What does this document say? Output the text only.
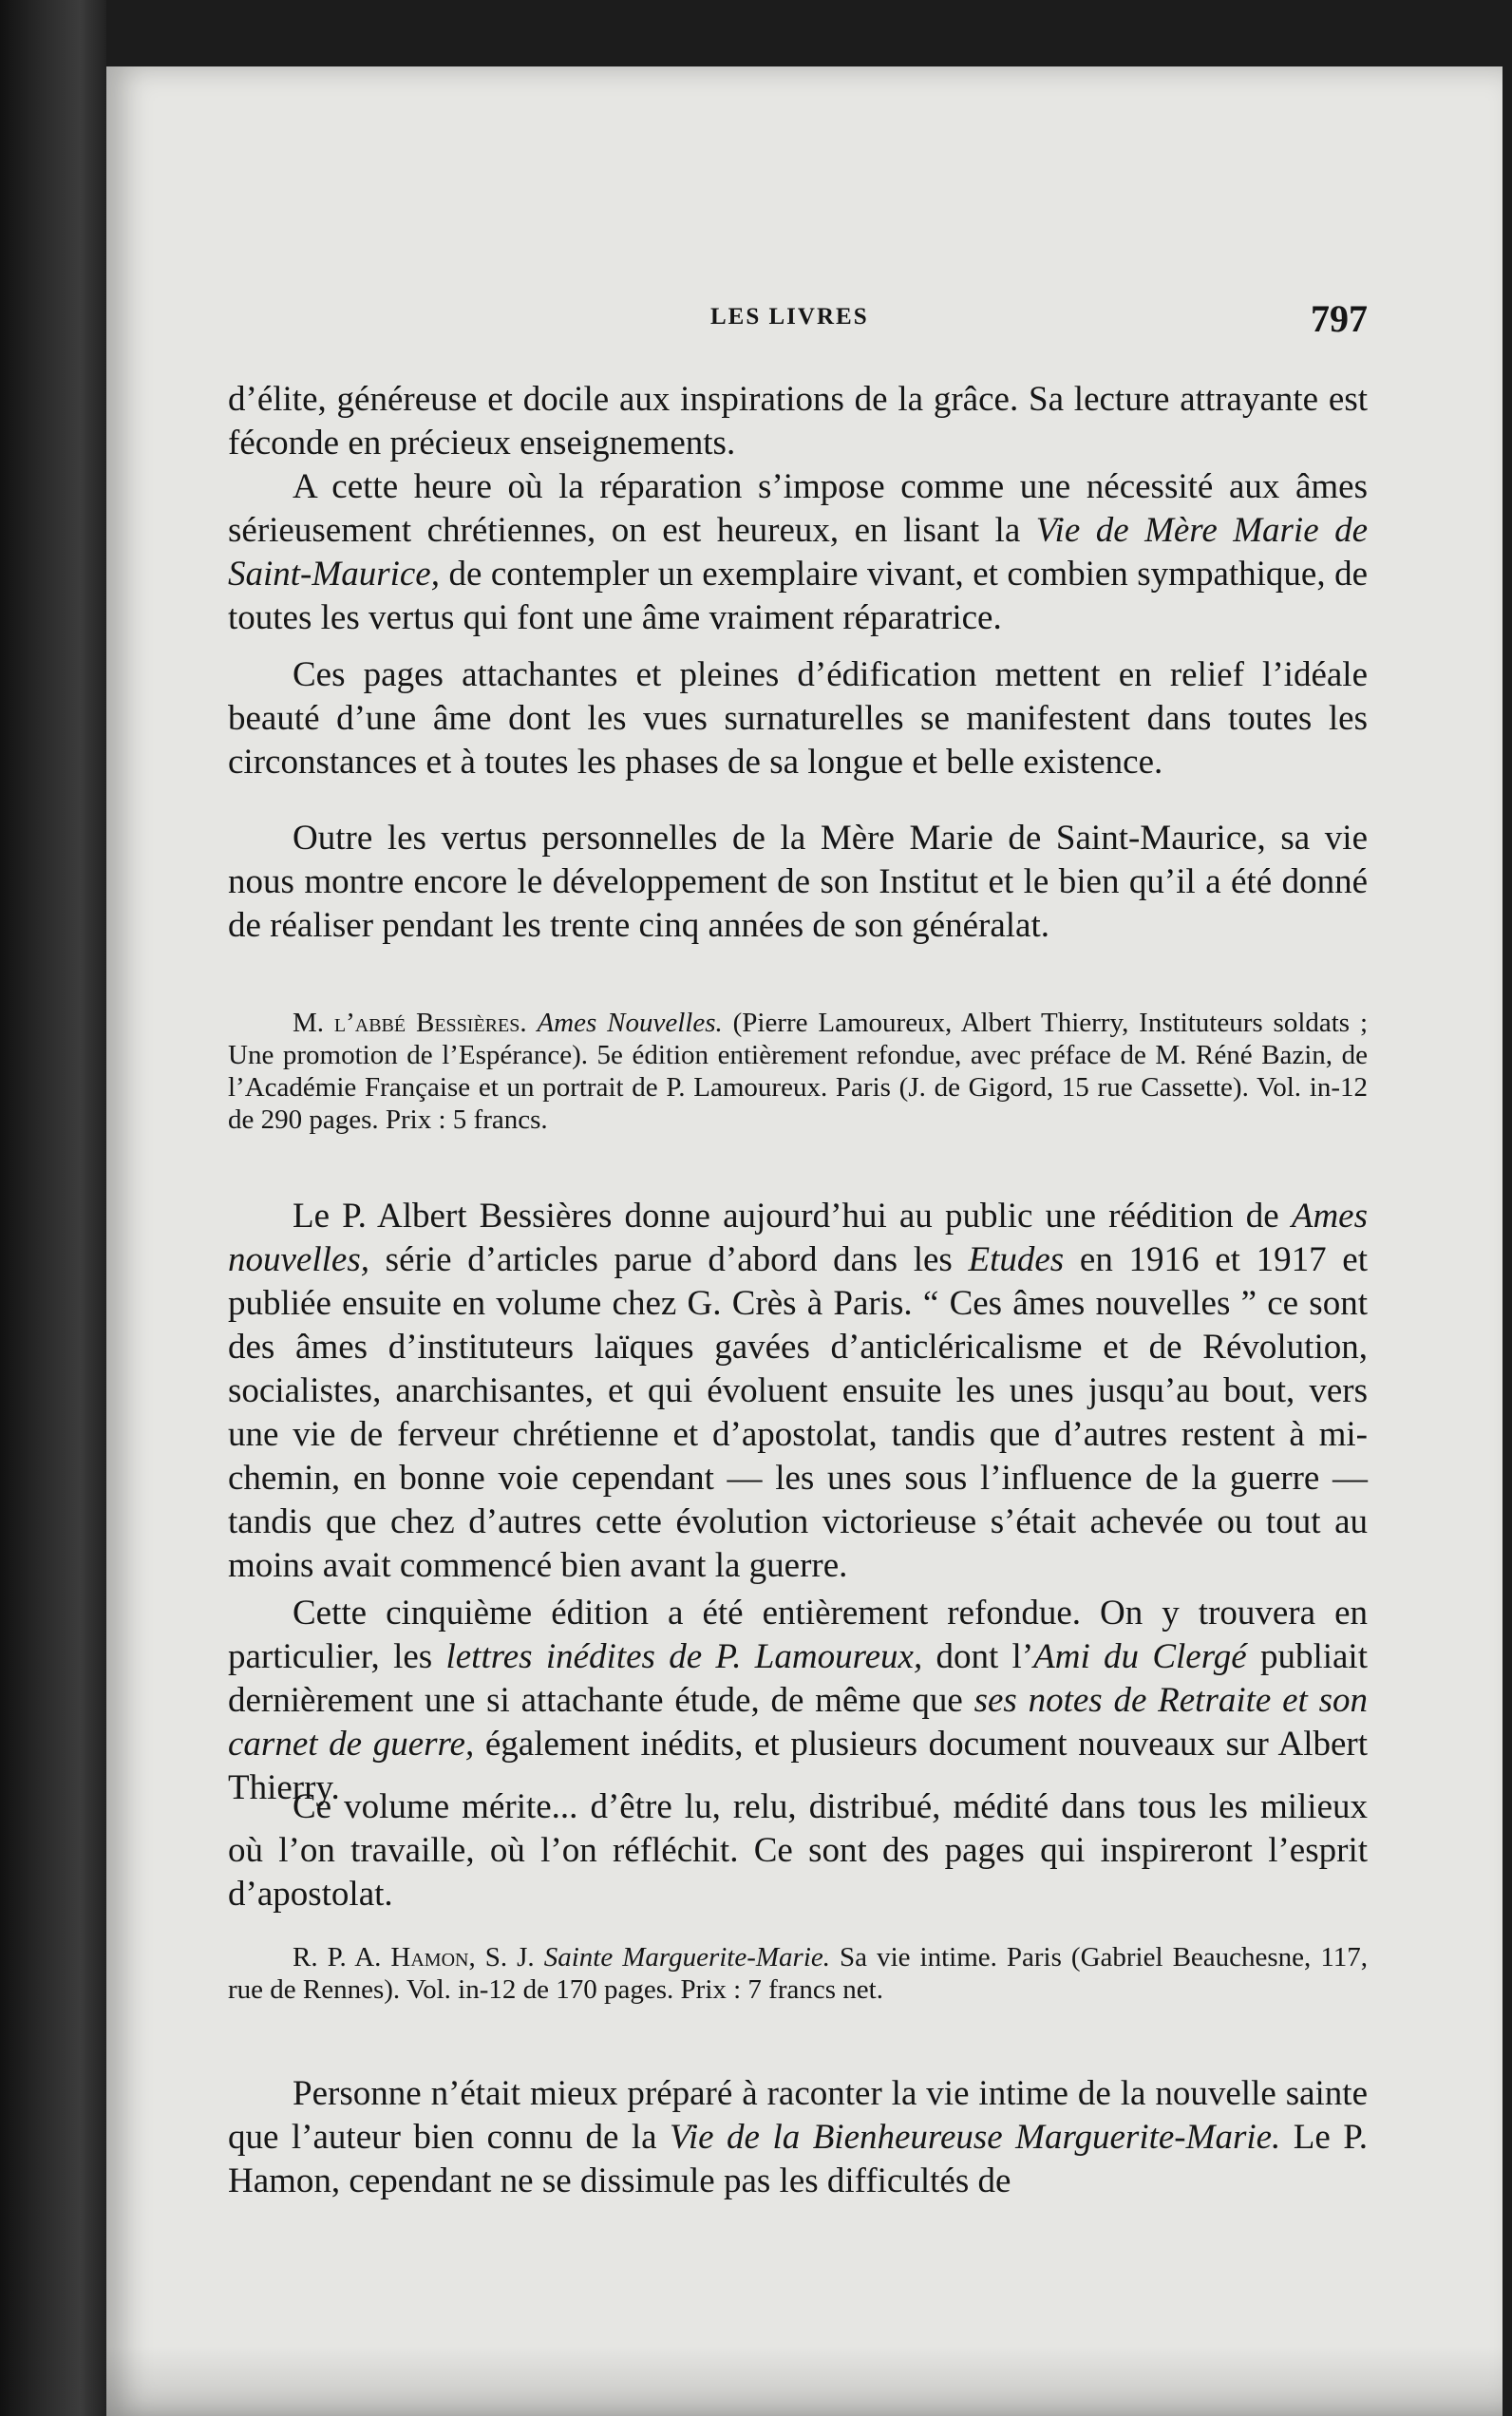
LES LIVRES	797

d’élite, généreuse et docile aux inspirations de la grâce. Sa lecture attrayante est féconde en précieux enseignements.

A cette heure où la réparation s’impose comme une nécessité aux âmes sérieusement chrétiennes, on est heureux, en lisant la Vie de Mère Marie de Saint-Maurice, de contempler un exemplaire vivant, et combien sympathique, de toutes les vertus qui font une âme vraiment réparatrice.

Ces pages attachantes et pleines d’édification mettent en relief l’idéale beauté d’une âme dont les vues surnaturelles se manifestent dans toutes les circonstances et à toutes les phases de sa longue et belle existence.

Outre les vertus personnelles de la Mère Marie de Saint-Maurice, sa vie nous montre encore le développement de son Institut et le bien qu’il a été donné de réaliser pendant les trente cinq années de son généralat.

M. l’abbé Bessières. Ames Nouvelles. (Pierre Lamoureux, Albert Thierry, Instituteurs soldats ; Une promotion de l’Espérance). 5e édition entièrement refondue, avec préface de M. Réné Bazin, de l’Académie Française et un portrait de P. Lamoureux. Paris (J. de Gigord, 15 rue Cassette). Vol. in-12 de 290 pages. Prix : 5 francs.

Le P. Albert Bessières donne aujourd’hui au public une réédition de Ames nouvelles, série d’articles parue d’abord dans les Etudes en 1916 et 1917 et publiée ensuite en volume chez G. Crès à Paris. “ Ces âmes nouvelles ” ce sont des âmes d’instituteurs laïques gavées d’anticléricalisme et de Révolution, socialistes, anarchisantes, et qui évoluent ensuite les unes jusqu’au bout, vers une vie de ferveur chrétienne et d’apostolat, tandis que d’autres restent à mi-chemin, en bonne voie cependant — les unes sous l’influence de la guerre — tandis que chez d’autres cette évolution victorieuse s’était achevée ou tout au moins avait commencé bien avant la guerre.

Cette cinquième édition a été entièrement refondue. On y trouvera en particulier, les lettres inédites de P. Lamoureux, dont l’Ami du Clergé publiait dernièrement une si attachante étude, de même que ses notes de Retraite et son carnet de guerre, également inédits, et plusieurs document nouveaux sur Albert Thierry.

Ce volume mérite... d’être lu, relu, distribué, médité dans tous les milieux où l’on travaille, où l’on réfléchit. Ce sont des pages qui inspireront l’esprit d’apostolat.

R. P. A. Hamon, S. J. Sainte Marguerite-Marie. Sa vie intime. Paris (Gabriel Beauchesne, 117, rue de Rennes). Vol. in-12 de 170 pages. Prix : 7 francs net.

Personne n’était mieux préparé à raconter la vie intime de la nouvelle sainte que l’auteur bien connu de la Vie de la Bienheureuse Marguerite-Marie. Le P. Hamon, cependant ne se dissimule pas les difficultés de
